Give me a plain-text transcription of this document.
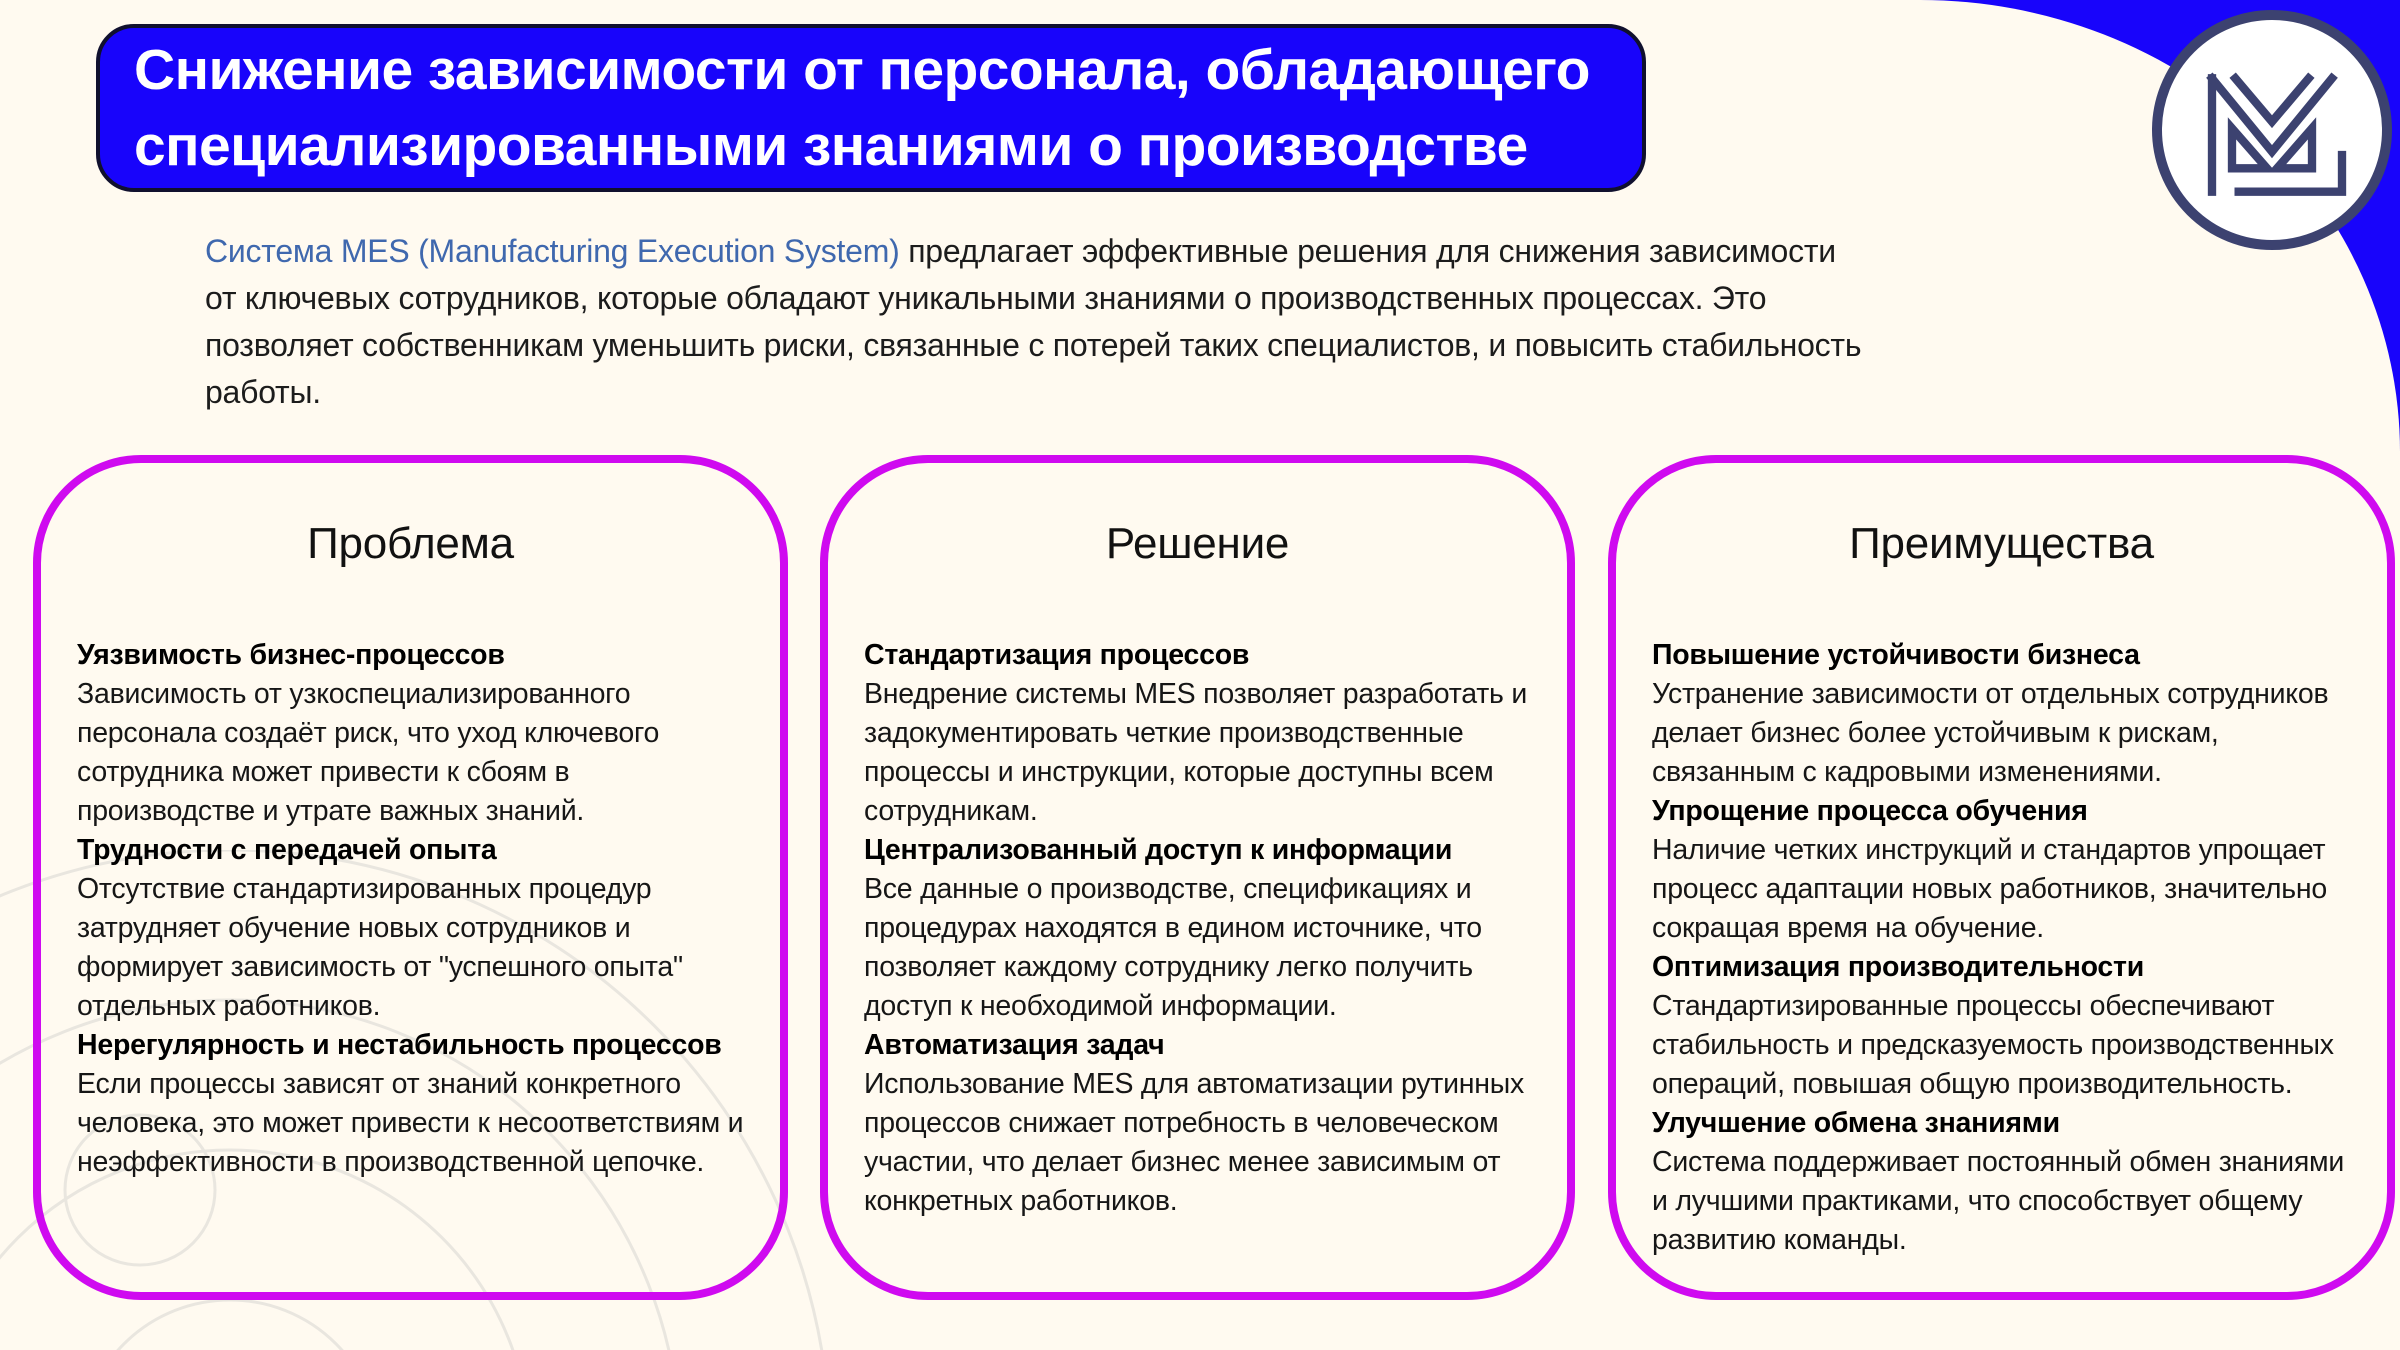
Снижение зависимости от персонала, обладающего
специализированными знаниями о производстве
Система MES (Manufacturing Execution System) предлагает эффективные решения для снижения зависимости от ключевых сотрудников, которые обладают уникальными знаниями о производственных процессах. Это позволяет собственникам уменьшить риски, связанные с потерей таких специалистов, и повысить стабильность работы.
Проблема
Уязвимость бизнес-процессов

Зависимость от узкоспециализированного персонала создаёт риск, что уход ключевого сотрудника может привести к сбоям в производстве и утрате важных знаний.

Трудности с передачей опыта

Отсутствие стандартизированных процедур затрудняет обучение новых сотрудников и формирует зависимость от "успешного опыта" отдельных работников.

Нерегулярность и нестабильность процессов

Если процессы зависят от знаний конкретного человека, это может привести к несоответствиям и неэффективности в производственной цепочке.

Решение
Стандартизация процессов

Внедрение системы MES позволяет разработать и задокументировать четкие производственные процессы и инструкции, которые доступны всем сотрудникам.

Централизованный доступ к информации

Все данные о производстве, спецификациях и процедурах находятся в едином источнике, что позволяет каждому сотруднику легко получить доступ к необходимой информации.

Автоматизация задач

Использование MES для автоматизации рутинных процессов снижает потребность в человеческом участии, что делает бизнес менее зависимым от конкретных работников.

Преимущества
Повышение устойчивости бизнеса

Устранение зависимости от отдельных сотрудников делает бизнес более устойчивым к рискам, связанным с кадровыми изменениями.

Упрощение процесса обучения

Наличие четких инструкций и стандартов упрощает процесс адаптации новых работников, значительно сокращая время на обучение.

Оптимизация производительности

Стандартизированные процессы обеспечивают стабильность и предсказуемость производственных операций, повышая общую производительность.

Улучшение обмена знаниями

Система поддерживает постоянный обмен знаниями и лучшими практиками, что способствует общему развитию команды.
